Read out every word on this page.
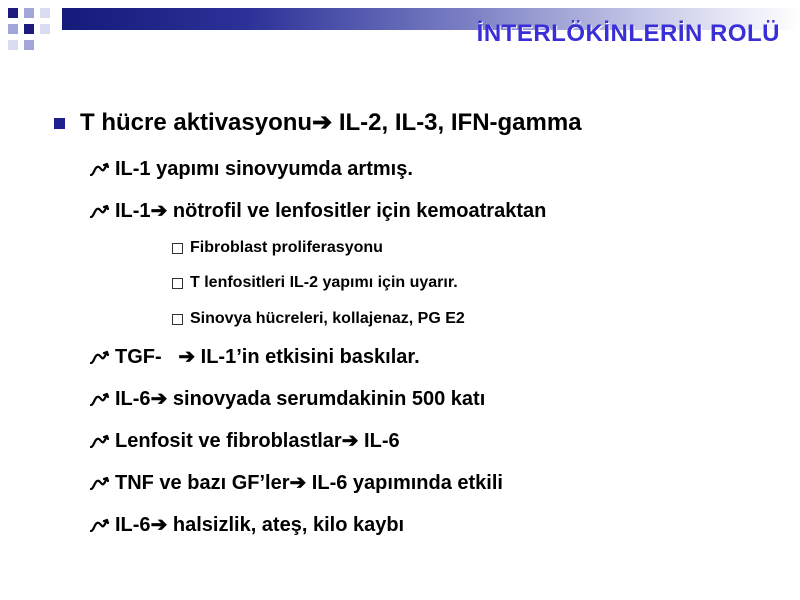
İNTERLÖKİNLERİN ROLÜ
T hücre aktivasyonu➔ IL-2, IL-3, IFN-gamma
IL-1 yapımı sinovyumda artmış.
IL-1➔ nötrofil ve lenfositler için kemoatraktan
Fibroblast proliferasyonu
T lenfositleri IL-2 yapımı için uyarır.
Sinovya hücreleri, kollajenaz, PG E2
TGF-   ➔ IL-1’in etkisini baskılar.
IL-6➔ sinovyada serumdakinin 500 katı
Lenfosit ve fibroblastlar➔ IL-6
TNF ve bazı GF’ler➔ IL-6 yapımında etkili
IL-6➔ halsizlik, ateş, kilo kaybı
